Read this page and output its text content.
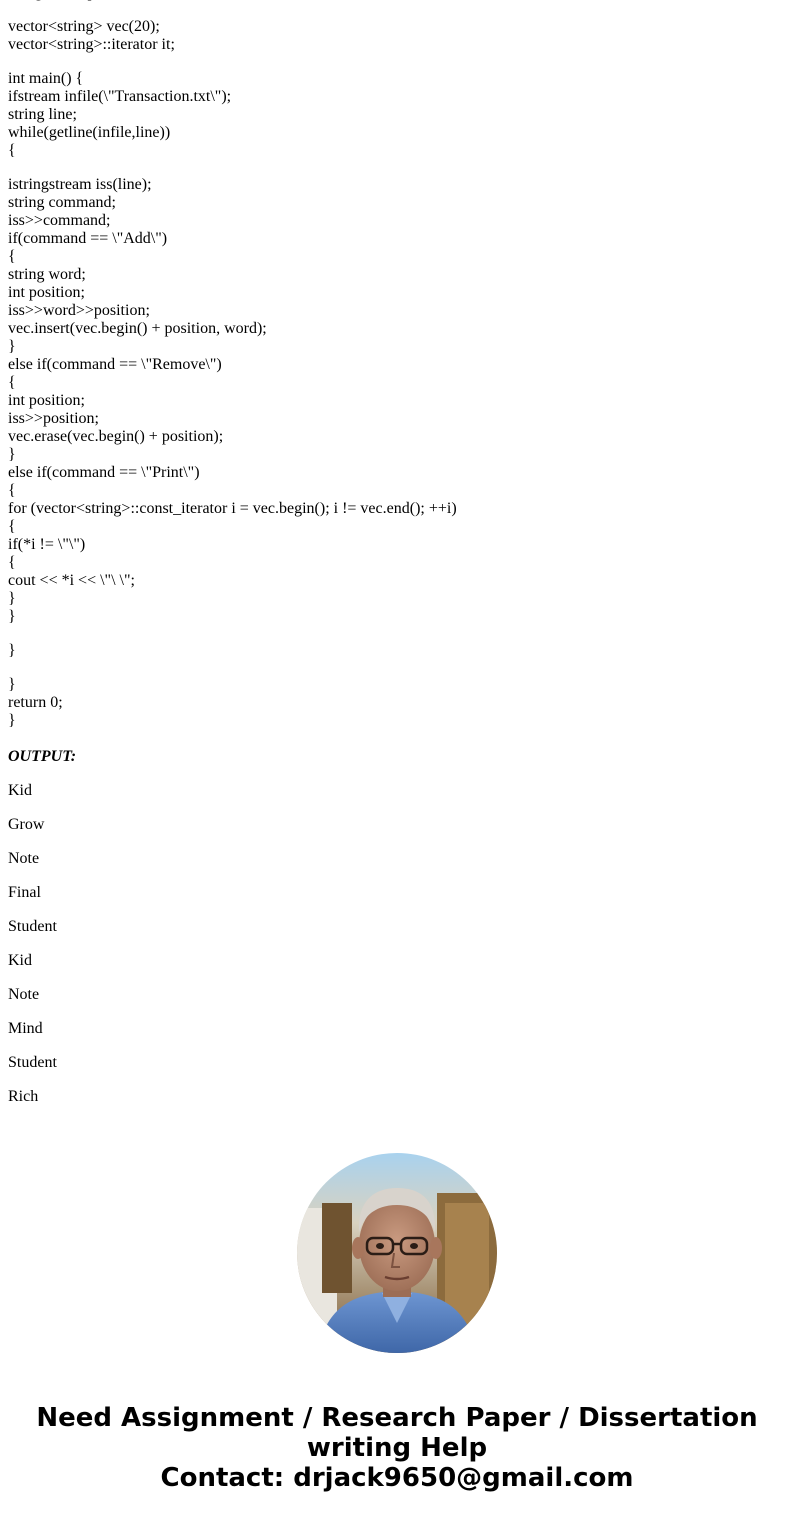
vector<string> vec(20);
vector<string>::iterator it;
int main() {
ifstream infile(\"Transaction.txt\");
string line;
while(getline(infile,line))
{
istringstream iss(line);
string command;
iss>>command;
if(command == \"Add\")
{
string word;
int position;
iss>>word>>position;
vec.insert(vec.begin() + position, word);
}
else if(command == \"Remove\")
{
int position;
iss>>position;
vec.erase(vec.begin() + position);
}
else if(command == \"Print\")
{
for (vector<string>::const_iterator i = vec.begin(); i != vec.end(); ++i)
{
if(*i != \"\")
{
cout << *i << \"\ \";
}
}
}
}
return 0;
}
OUTPUT:
Kid
Grow
Note
Final
Student
Kid
Note
Mind
Student
Rich
Need Assignment / Research Paper / Dissertation
writing Help
Contact: drjack9650@gmail.com
